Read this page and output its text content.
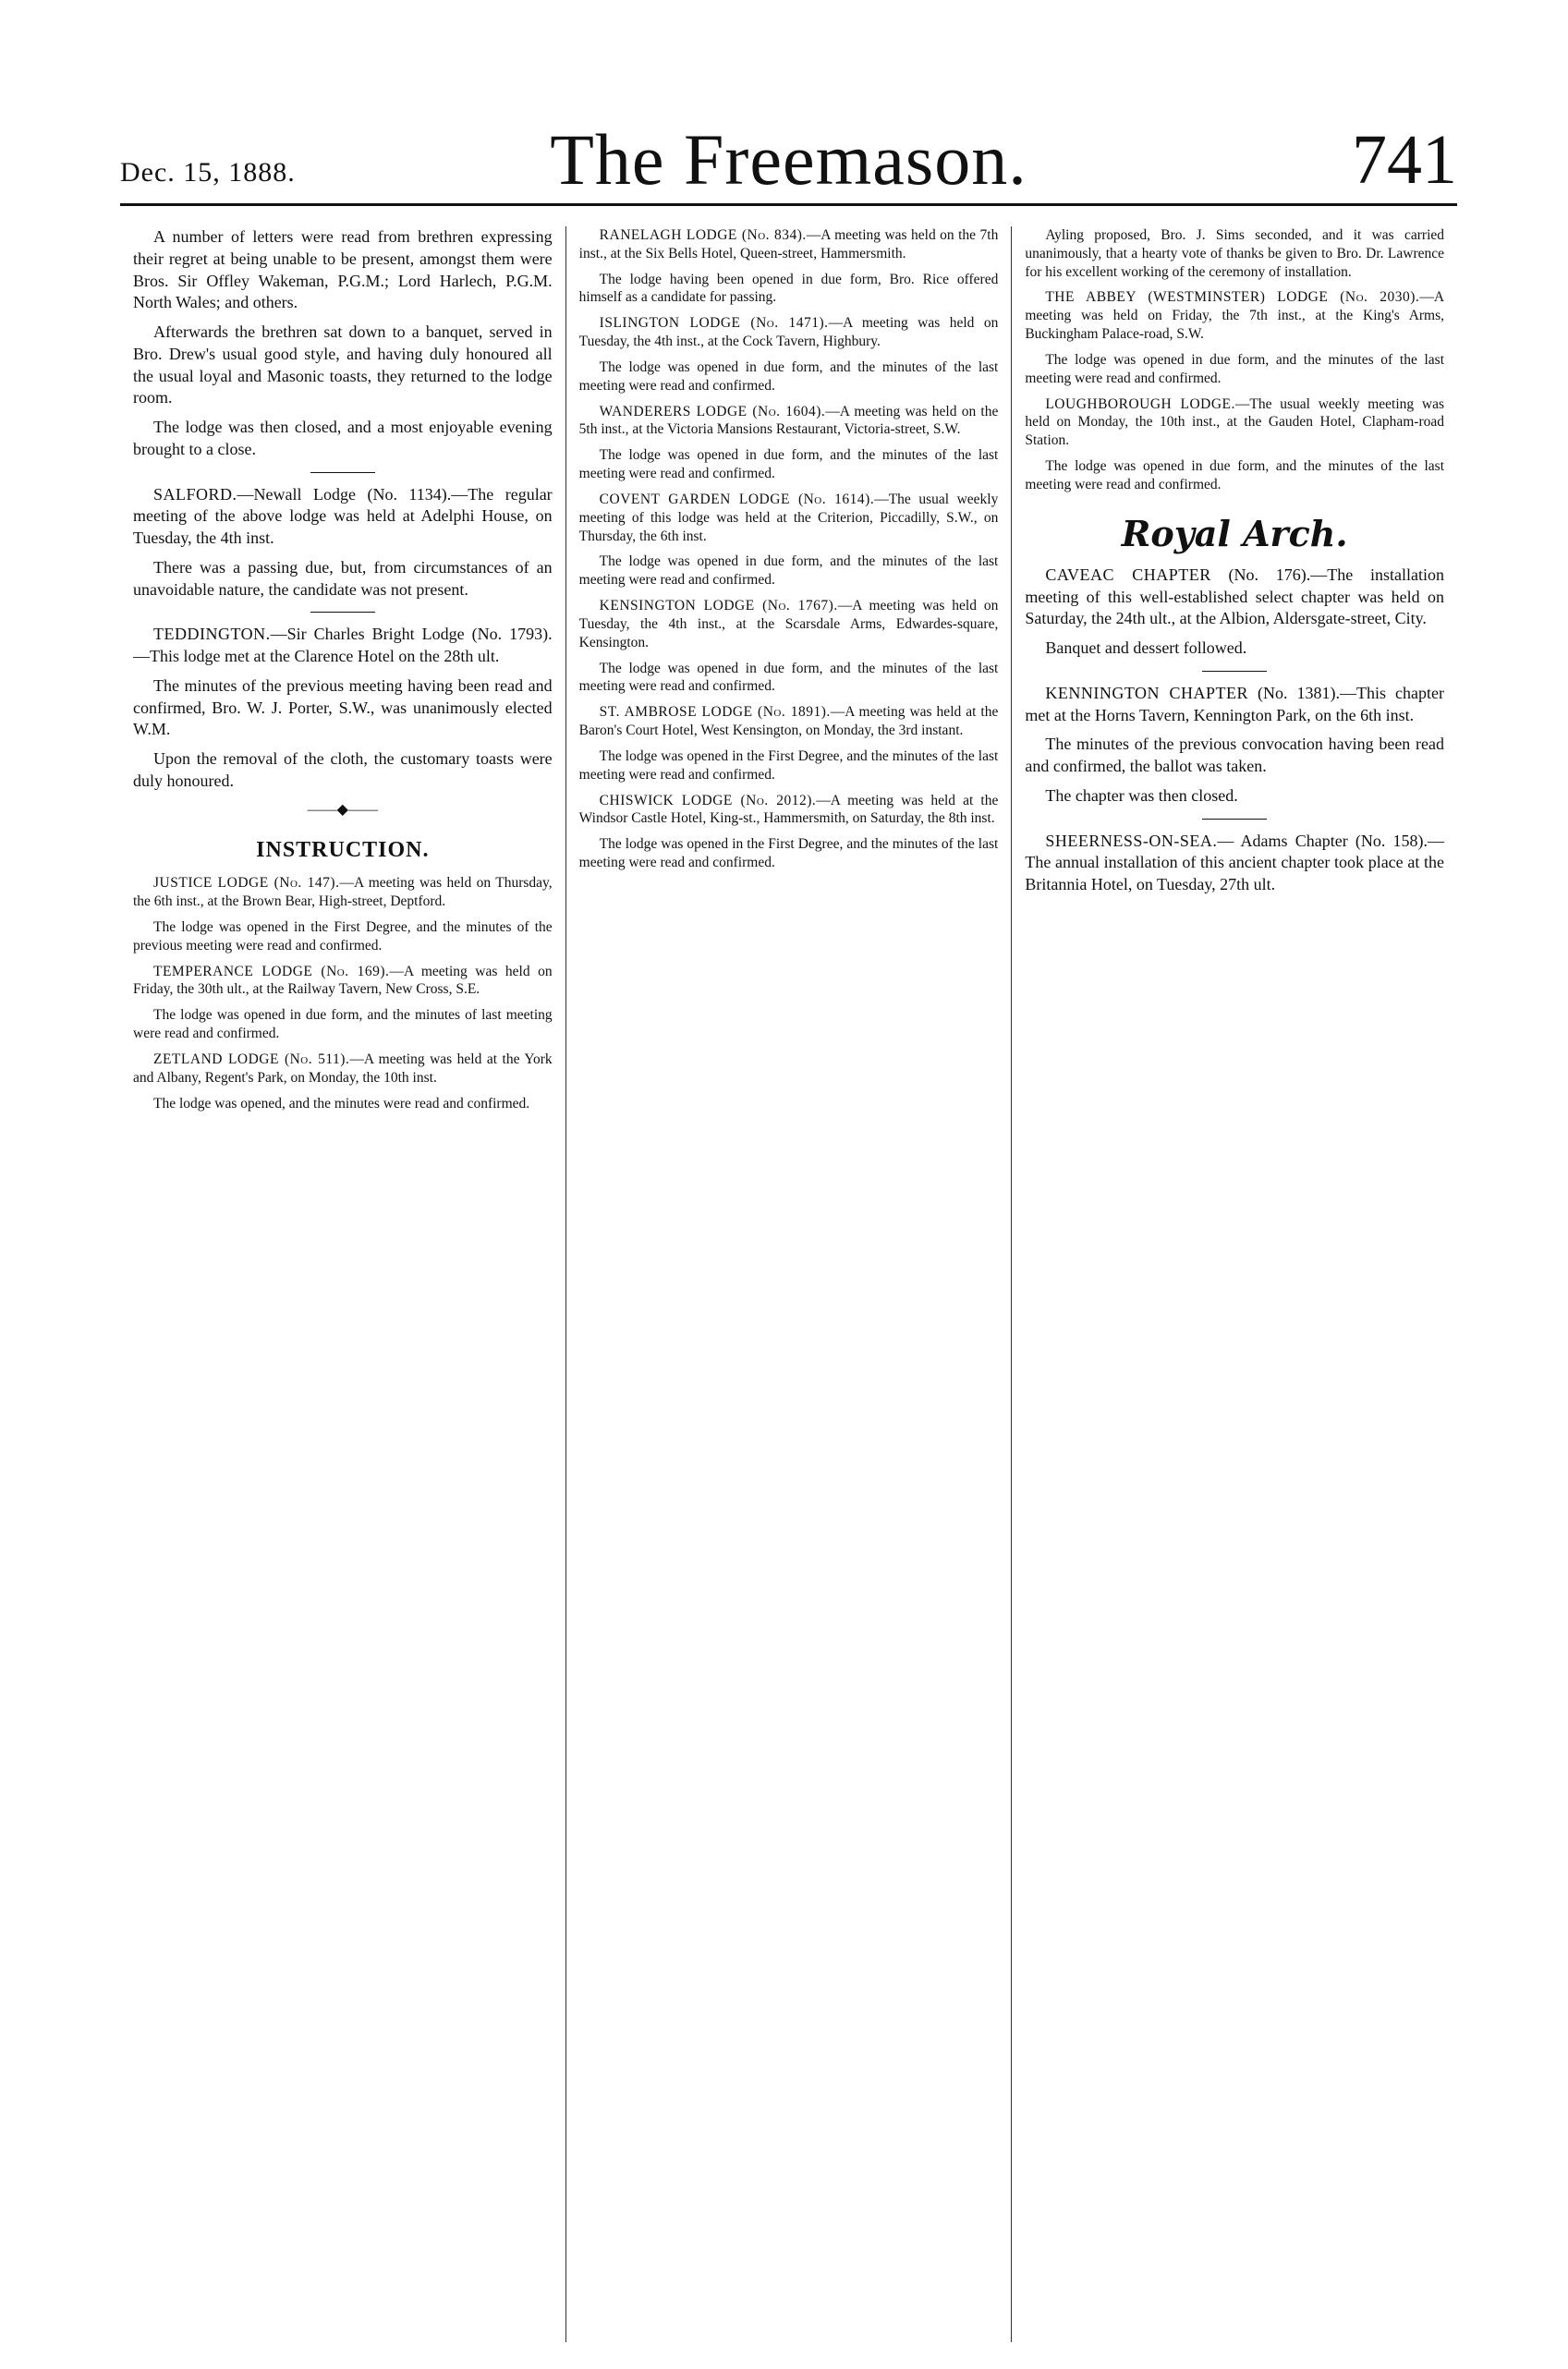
Dec. 15, 1888.	The Freemason.	741

A number of letters were read from brethren expressing their regret at being unable to be present, amongst them were Bros. Sir Offley Wakeman, P.G.M.; Lord Harlech, P.G.M. North Wales; and others.

Afterwards the brethren sat down to a banquet, served in Bro. Drew's usual good style, and having duly honoured all the usual loyal and Masonic toasts, they returned to the lodge room.

The lodge was then closed, and a most enjoyable evening brought to a close.

SALFORD.—Newall Lodge (No. 1134).—The regular meeting of the above lodge was held at Adelphi House, on Tuesday, the 4th inst.

There was a passing due, but, from circumstances of an unavoidable nature, the candidate was not present.

TEDDINGTON.—Sir Charles Bright Lodge (No. 1793).—This lodge met at the Clarence Hotel on the 28th ult.

The minutes of the previous meeting having been read and confirmed, Bro. W. J. Porter, S.W., was unanimously elected W.M.

Upon the removal of the cloth, the customary toasts were duly honoured.

——◆——
INSTRUCTION.

JUSTICE LODGE (No. 147).—A meeting was held on Thursday, the 6th inst., at the Brown Bear, High-street, Deptford.

The lodge was opened in the First Degree, and the minutes of the previous meeting were read and confirmed.

TEMPERANCE LODGE (No. 169).—A meeting was held on Friday, the 30th ult., at the Railway Tavern, New Cross, S.E.

The lodge was opened in due form, and the minutes of last meeting were read and confirmed.

ZETLAND LODGE (No. 511).—A meeting was held at the York and Albany, Regent's Park, on Monday, the 10th inst.

The lodge was opened, and the minutes were read and confirmed.

RANELAGH LODGE (No. 834).—A meeting was held on the 7th inst., at the Six Bells Hotel, Queen-street, Hammersmith.

The lodge having been opened in due form, Bro. Rice offered himself as a candidate for passing.

ISLINGTON LODGE (No. 1471).—A meeting was held on Tuesday, the 4th inst., at the Cock Tavern, Highbury.

The lodge was opened in due form, and the minutes of the last meeting were read and confirmed.

WANDERERS LODGE (No. 1604).—A meeting was held on the 5th inst., at the Victoria Mansions Restaurant, Victoria-street, S.W.

The lodge was opened in due form, and the minutes of the last meeting were read and confirmed.

COVENT GARDEN LODGE (No. 1614).—The usual weekly meeting of this lodge was held at the Criterion, Piccadilly, S.W., on Thursday, the 6th inst.

The lodge was opened in due form, and the minutes of the last meeting were read and confirmed.

KENSINGTON LODGE (No. 1767).—A meeting was held on Tuesday, the 4th inst., at the Scarsdale Arms, Edwardes-square, Kensington.

The lodge was opened in due form, and the minutes of the last meeting were read and confirmed.

ST. AMBROSE LODGE (No. 1891).—A meeting was held at the Baron's Court Hotel, West Kensington, on Monday, the 3rd instant.

The lodge was opened in the First Degree, and the minutes of the last meeting were read and confirmed.

CHISWICK LODGE (No. 2012).—A meeting was held at the Windsor Castle Hotel, King-st., Hammersmith, on Saturday, the 8th inst.

The lodge was opened in the First Degree, and the minutes of the last meeting were read and confirmed.

Ayling proposed, Bro. J. Sims seconded, and it was carried unanimously, that a hearty vote of thanks be given to Bro. Dr. Lawrence for his excellent working of the ceremony of installation.

THE ABBEY (WESTMINSTER) LODGE (No. 2030).—A meeting was held on Friday, the 7th inst., at the King's Arms, Buckingham Palace-road, S.W.

The lodge was opened in due form, and the minutes of the last meeting were read and confirmed.

LOUGHBOROUGH LODGE.—The usual weekly meeting was held on Monday, the 10th inst., at the Gauden Hotel, Clapham-road Station.

The lodge was opened in due form, and the minutes of the last meeting were read and confirmed.

Royal Arch.

CAVEAC CHAPTER (No. 176).—The installation meeting of this well-established select chapter was held on Saturday, the 24th ult., at the Albion, Aldersgate-street, City.

Banquet and dessert followed.

KENNINGTON CHAPTER (No. 1381).—This chapter met at the Horns Tavern, Kennington Park, on the 6th inst.

The minutes of the previous convocation having been read and confirmed, the ballot was taken.

The chapter was then closed.

SHEERNESS-ON-SEA.— Adams Chapter (No. 158).—The annual installation of this ancient chapter took place at the Britannia Hotel, on Tuesday, 27th ult.
